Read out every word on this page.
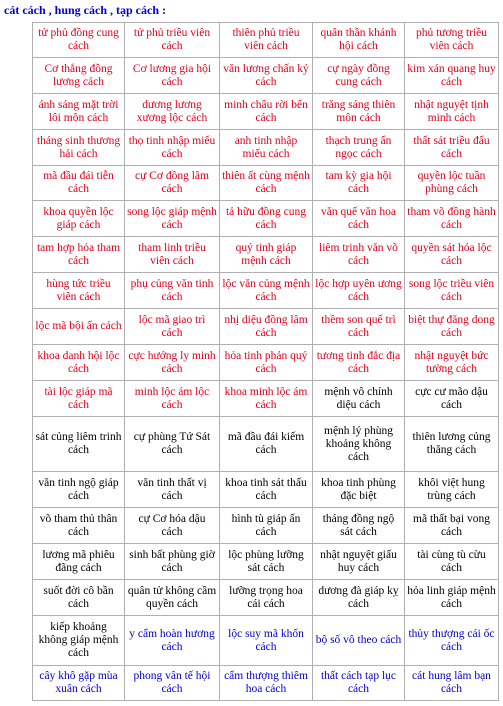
cát cách , hung cách , tạp cách :
tử phủ đồng cung cách	tử phủ triều viên cách	thiên phủ triều viên cách	quân thần khánh hội cách	phủ tương triều viên cách
Cơ thắng đồng lương cách	Cơ lương gia hội cách	văn lương chấn kỷ cách	cự ngày đồng cung cách	kim xán quang huy cách
ánh sáng mặt trời lôi môn cách	dương lương xương lộc cách	minh châu rời bến cách	trăng sáng thiên môn cách	nhật nguyệt tịnh minh cách
tháng sinh thương hải cách	thọ tinh nhập miếu cách	anh tinh nhập miếu cách	thạch trung ẩn ngọc cách	thất sát triều đẩu cách
mã đầu đái tiễn cách	cự Cơ đồng lâm cách	thiên ất cùng mệnh cách	tam kỳ gia hội cách	quyền lộc tuần phùng cách
khoa quyền lộc giáp cách	song lộc giáp mệnh cách	tả hữu đồng cung cách	văn quế văn hoa cách	tham võ đồng hành cách
tam hợp hỏa tham cách	tham linh triều viên cách	quý tinh giáp mệnh cách	liêm trinh văn võ cách	quyền sát hóa lộc cách
hùng tức triều viên cách	phụ củng văn tinh cách	lộc văn củng mệnh cách	lộc hợp uyên ương cách	song lộc triều viên cách
lộc mã bội ấn cách	lộc mã giao trì cách	nhị diệu đồng lâm cách	thềm son quế trì cách	biệt thự đăng dong cách
khoa danh hội lộc cách	cực hướng ly minh cách	hỏa tinh phản quý cách	tương tinh đắc địa cách	nhật nguyệt bức tường cách
tài lộc giáp mã cách	minh lộc ám lộc cách	khoa minh lộc ám cách	mệnh vô chính diệu cách	cực cư mão dậu cách
sát củng liêm trinh cách	cự phùng Tứ Sát cách	mã đầu đái kiếm cách	mệnh lý phùng khoảng không cách	thiên lương củng thăng cách
văn tinh ngộ giáp cách	văn tinh thất vị cách	khoa tinh sát thấu cách	khoa tinh phùng đặc biệt	khôi việt hung trùng cách
võ tham thủ thân cách	cự Cơ hóa dậu cách	hình tù giáp ấn cách	tháng đồng ngộ sát cách	mã thất bại vong cách
lương mã phiêu đãng cách	sinh bất phùng giờ cách	lộc phùng lưỡng sát cách	nhật nguyệt giấu huy cách	tài cùng tù cừu cách
suốt đời cô bần cách	quân tử không cầm quyền cách	lưỡng trọng hoa cái cách	dương đà giáp kỵ cách	hỏa linh giáp mệnh cách
kiếp khoảng không giáp mệnh cách	y cẩm hoàn hương cách	lộc suy mã khốn cách	bộ số vô theo cách	thủy thượng cái ốc cách
cây khô gặp mùa xuân cách	phong vân tế hội cách	cẩm thượng thiêm hoa cách	thất cách tạp lục cách	cát hung lâm bạn cách
